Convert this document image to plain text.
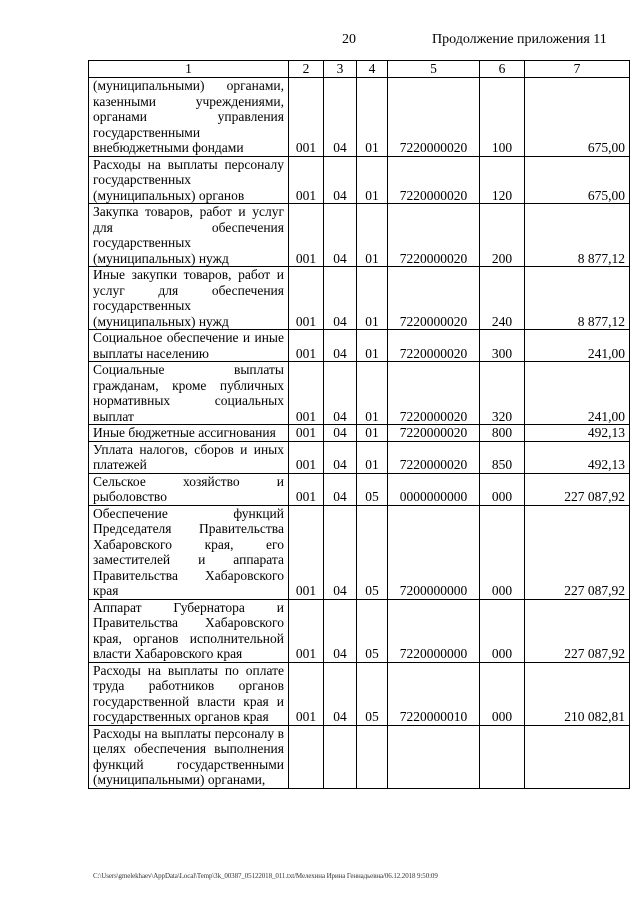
20	Продолжение приложения 11
1	2	3	4	5	6	7
(муниципальными) органами, казенными учреждениями, органами управления государственными внебюджетными фондами	001	04	01	7220000020	100	675,00
Расходы на выплаты персоналу государственных (муниципальных) органов	001	04	01	7220000020	120	675,00
Закупка товаров, работ и услуг для обеспечения государственных (муниципальных) нужд	001	04	01	7220000020	200	8 877,12
Иные закупки товаров, работ и услуг для обеспечения государственных (муниципальных) нужд	001	04	01	7220000020	240	8 877,12
Социальное обеспечение и иные выплаты населению	001	04	01	7220000020	300	241,00
Социальные выплаты гражданам, кроме публичных нормативных социальных выплат	001	04	01	7220000020	320	241,00
Иные бюджетные ассигнования	001	04	01	7220000020	800	492,13
Уплата налогов, сборов и иных платежей	001	04	01	7220000020	850	492,13
Сельское хозяйство и рыболовство	001	04	05	0000000000	000	227 087,92
Обеспечение функций Председателя Правительства Хабаровского края, его заместителей и аппарата Правительства Хабаровского края	001	04	05	7200000000	000	227 087,92
Аппарат Губернатора и Правительства Хабаровского края, органов исполнительной власти Хабаровского края	001	04	05	7220000000	000	227 087,92
Расходы на выплаты по оплате труда работников органов государственной власти края и государственных органов края	001	04	05	7220000010	000	210 082,81
Расходы на выплаты персоналу в целях обеспечения выполнения функций государственными (муниципальными) органами,						
C:\Users\gmelekhaev\AppData\Local\Temp\3k_00387_05122018_011.txt/Мелехина Ирина Геннадьевна/06.12.2018 9:50:09
